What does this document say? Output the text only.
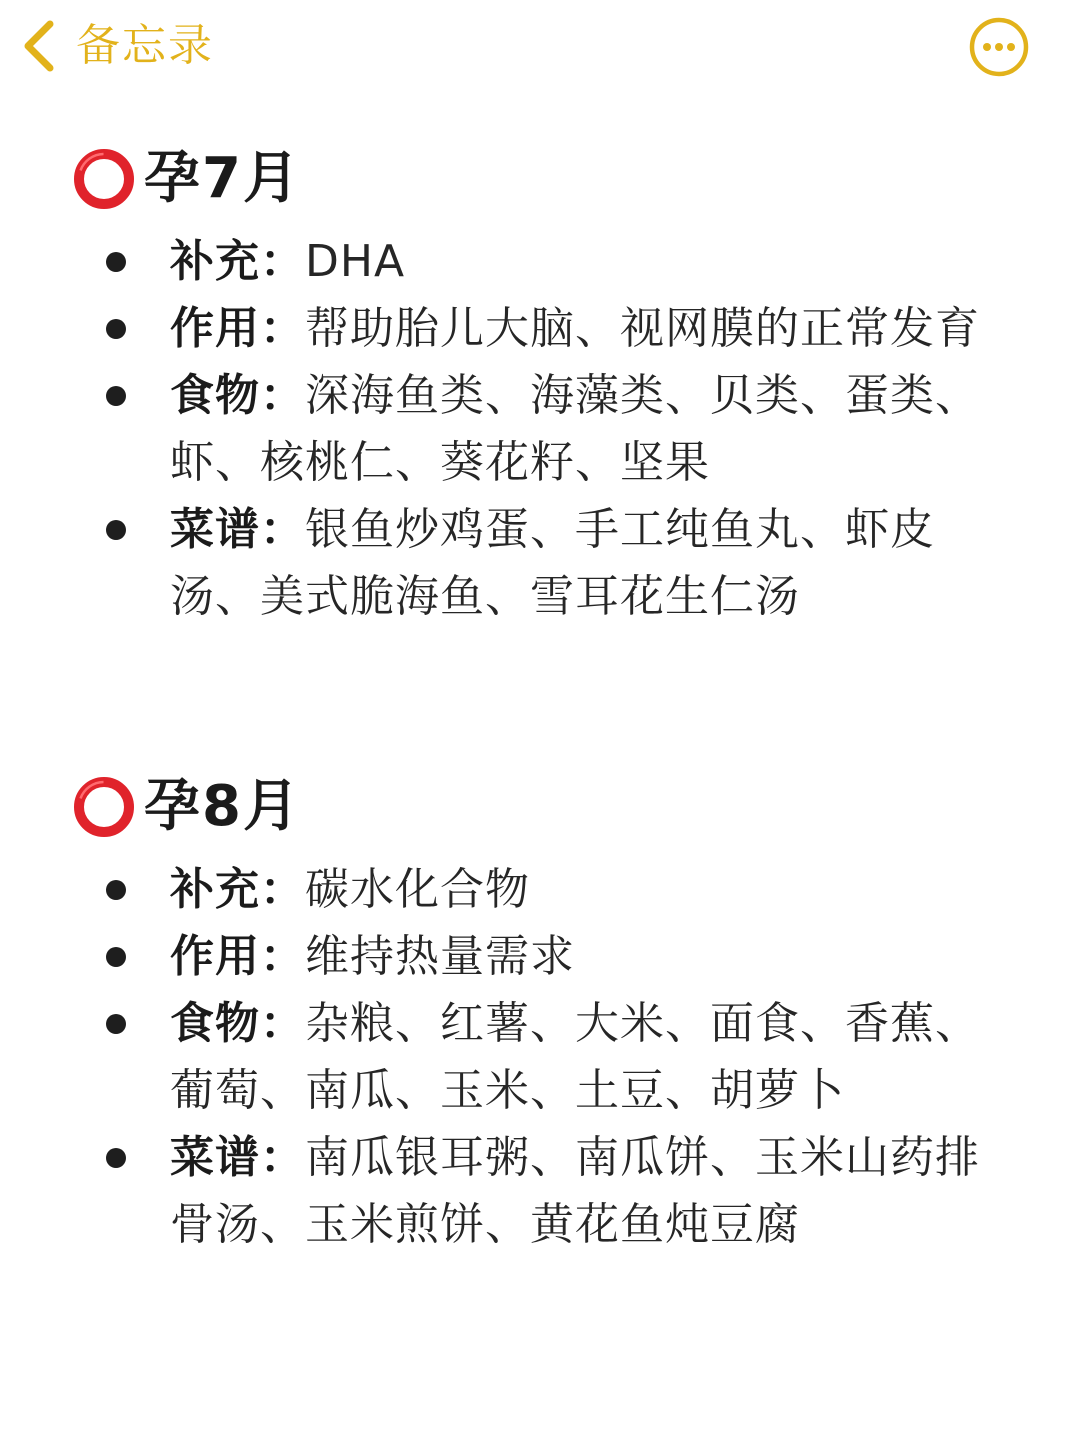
备忘录
孕7月
补充：DHA
作用：帮助胎儿大脑、视网膜的正常发育
食物：深海鱼类、海藻类、贝类、蛋类、虾、核桃仁、葵花籽、坚果
菜谱：银鱼炒鸡蛋、手工纯鱼丸、虾皮汤、美式脆海鱼、雪耳花生仁汤
孕8月
补充：碳水化合物
作用：维持热量需求
食物：杂粮、红薯、大米、面食、香蕉、葡萄、南瓜、玉米、土豆、胡萝卜
菜谱：南瓜银耳粥、南瓜饼、玉米山药排骨汤、玉米煎饼、黄花鱼炖豆腐
